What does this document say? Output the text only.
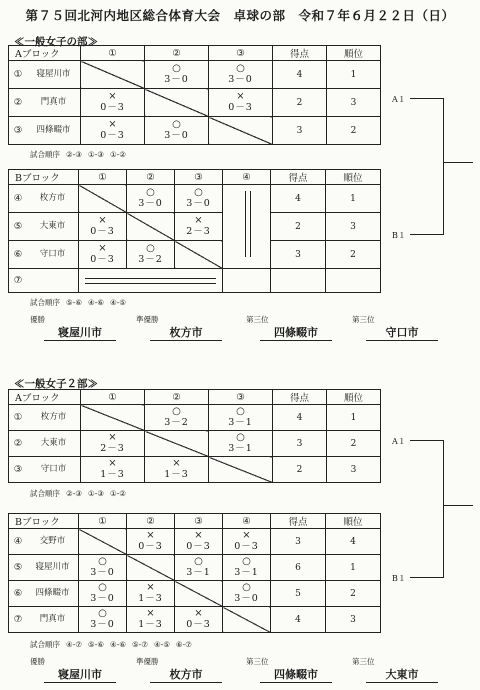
第７５回北河内地区総合体育大会　卓球の部　令和７年６月２２日（日）
≪一般女子の部≫
Aブロック	①	②	③	得点	順位

① 寝屋川市		○
3－0	○
3－0	4	1

② 門真市	×
0－3		×
0－3	2	3

③ 四條畷市	×
0－3	○
3－0		3	2
試合順序 ②-③ ①-③ ①-②
Bブロック	①	②	③	④	得点	順位

④ 枚方市		○
3－0	○
3－0		4	1

⑤ 大東市	×
0－3		×
2－3		2	3

⑥ 守口市	×
0－3	○
3－2			3	2

⑦						

試合順序 ⑤-⑥ ④-⑥ ④-⑤
A１
B１
優勝
寝屋川市
準優勝
枚方市
第三位
四條畷市
第三位
守口市
≪一般女子２部≫
Aブロック	①	②	③	得点	順位

① 枚方市		○
3－2	○
3－1	4	1

② 大東市	×
2－3		○
3－1	3	2

③ 守口市	×
1－3	×
1－3		2	3
試合順序 ②-③ ①-③ ①-②
Bブロック	①	②	③	④	得点	順位

④ 交野市		×
0－3	×
0－3	×
0－3	3	4

⑤ 寝屋川市	○
3－0		○
3－1	○
3－1	6	1

⑥ 四條畷市	○
3－0	×
1－3		○
3－0	5	2

⑦ 門真市	○
3－0	×
1－3	×
0－3		4	3
試合順序 ④-⑦ ⑤-⑥ ④-⑥ ⑤-⑦ ④-⑤ ⑥-⑦
A１
B１
優勝
寝屋川市
準優勝
枚方市
第三位
四條畷市
第三位
大東市
